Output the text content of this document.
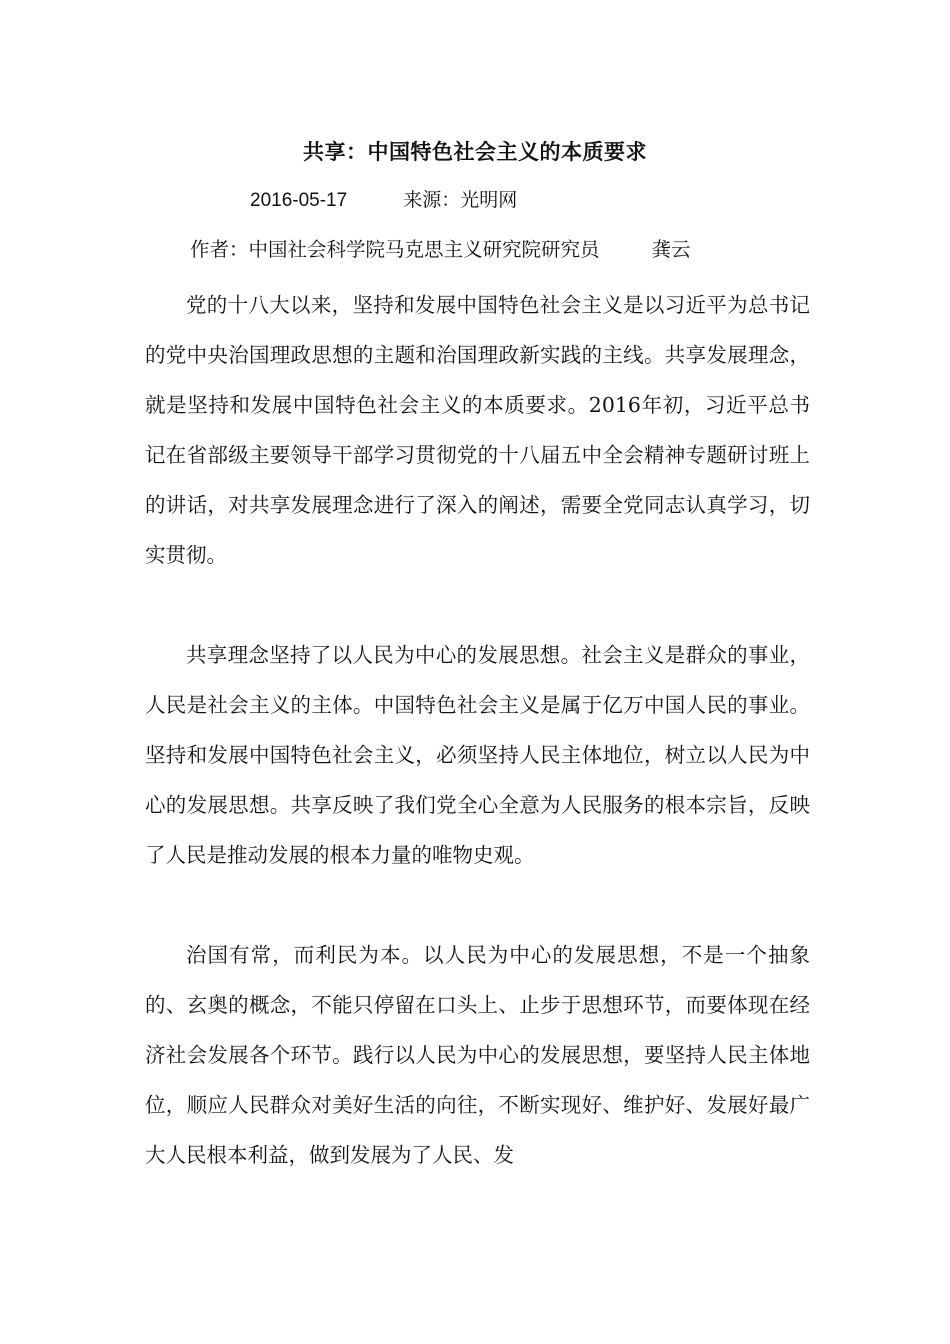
共享：中国特色社会主义的本质要求
2016-05-17	来源：光明网
作者：中国社会科学院马克思主义研究院研究员	龚云

党的十八大以来，坚持和发展中国特色社会主义是以习近平为总书记的党中央治国理政思想的主题和治国理政新实践的主线。共享发展理念，就是坚持和发展中国特色社会主义的本质要求。2016年初，习近平总书记在省部级主要领导干部学习贯彻党的十八届五中全会精神专题研讨班上的讲话，对共享发展理念进行了深入的阐述，需要全党同志认真学习，切实贯彻。

共享理念坚持了以人民为中心的发展思想。社会主义是群众的事业，人民是社会主义的主体。中国特色社会主义是属于亿万中国人民的事业。坚持和发展中国特色社会主义，必须坚持人民主体地位，树立以人民为中心的发展思想。共享反映了我们党全心全意为人民服务的根本宗旨，反映了人民是推动发展的根本力量的唯物史观。

治国有常，而利民为本。以人民为中心的发展思想，不是一个抽象的、玄奥的概念，不能只停留在口头上、止步于思想环节，而要体现在经济社会发展各个环节。践行以人民为中心的发展思想，要坚持人民主体地位，顺应人民群众对美好生活的向往，不断实现好、维护好、发展好最广大人民根本利益，做到发展为了人民、发
